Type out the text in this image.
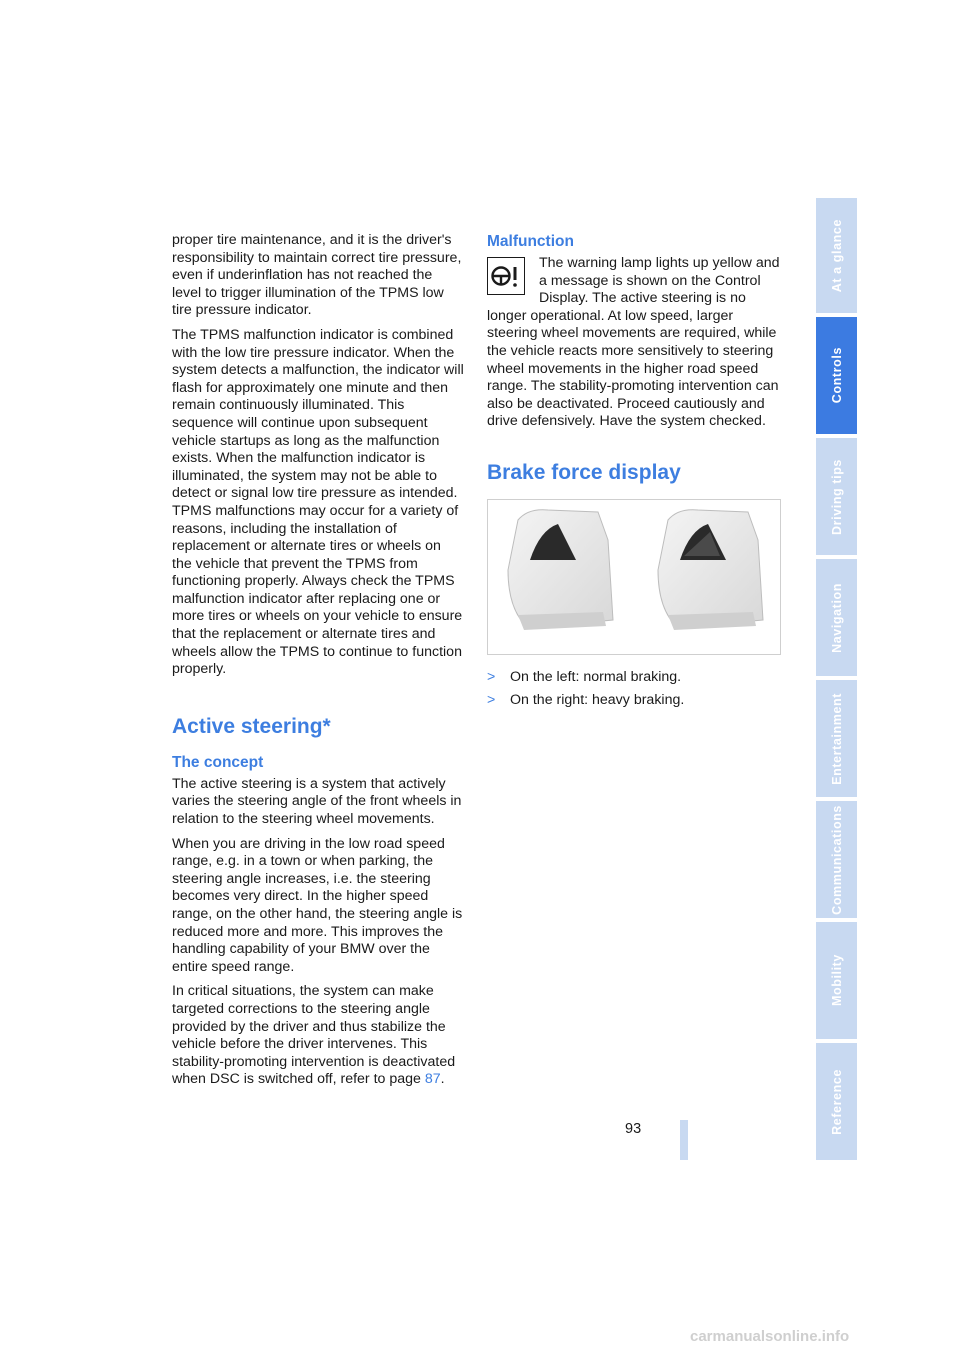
proper tire maintenance, and it is the driver's responsibility to maintain correct tire pressure, even if underinflation has not reached the level to trigger illumination of the TPMS low tire pressure indicator.

The TPMS malfunction indicator is combined with the low tire pressure indicator. When the system detects a malfunction, the indicator will flash for approximately one minute and then remain continuously illuminated. This sequence will continue upon subsequent vehicle startups as long as the malfunction exists. When the malfunction indicator is illuminated, the system may not be able to detect or signal low tire pressure as intended. TPMS malfunctions may occur for a variety of reasons, including the installation of replacement or alternate tires or wheels on the vehicle that prevent the TPMS from functioning properly. Always check the TPMS malfunction indicator after replacing one or more tires or wheels on your vehicle to ensure that the replacement or alternate tires and wheels allow the TPMS to continue to function properly.

Active steering*
The concept

The active steering is a system that actively varies the steering angle of the front wheels in relation to the steering wheel movements.

When you are driving in the low road speed range, e.g. in a town or when parking, the steering angle increases, i.e. the steering becomes very direct. In the higher speed range, on the other hand, the steering angle is reduced more and more. This improves the handling capability of your BMW over the entire speed range.

In critical situations, the system can make targeted corrections to the steering angle provided by the driver and thus stabilize the vehicle before the driver intervenes. This stability-promoting intervention is deactivated when DSC is switched off, refer to page 87.

Malfunction

The warning lamp lights up yellow and a message is shown on the Control Display. The active steering is no longer operational. At low speed, larger steering wheel movements are required, while the vehicle reacts more sensitively to steering wheel movements in the higher road speed range. The stability-promoting intervention can also be deactivated. Proceed cautiously and drive defensively. Have the system checked.

Brake force display
>	On the left: normal braking.
>	On the right: heavy braking.
At a glance
Controls
Driving tips
Navigation
Entertainment
Communications
Mobility
Reference
93
carmanualsonline.info
